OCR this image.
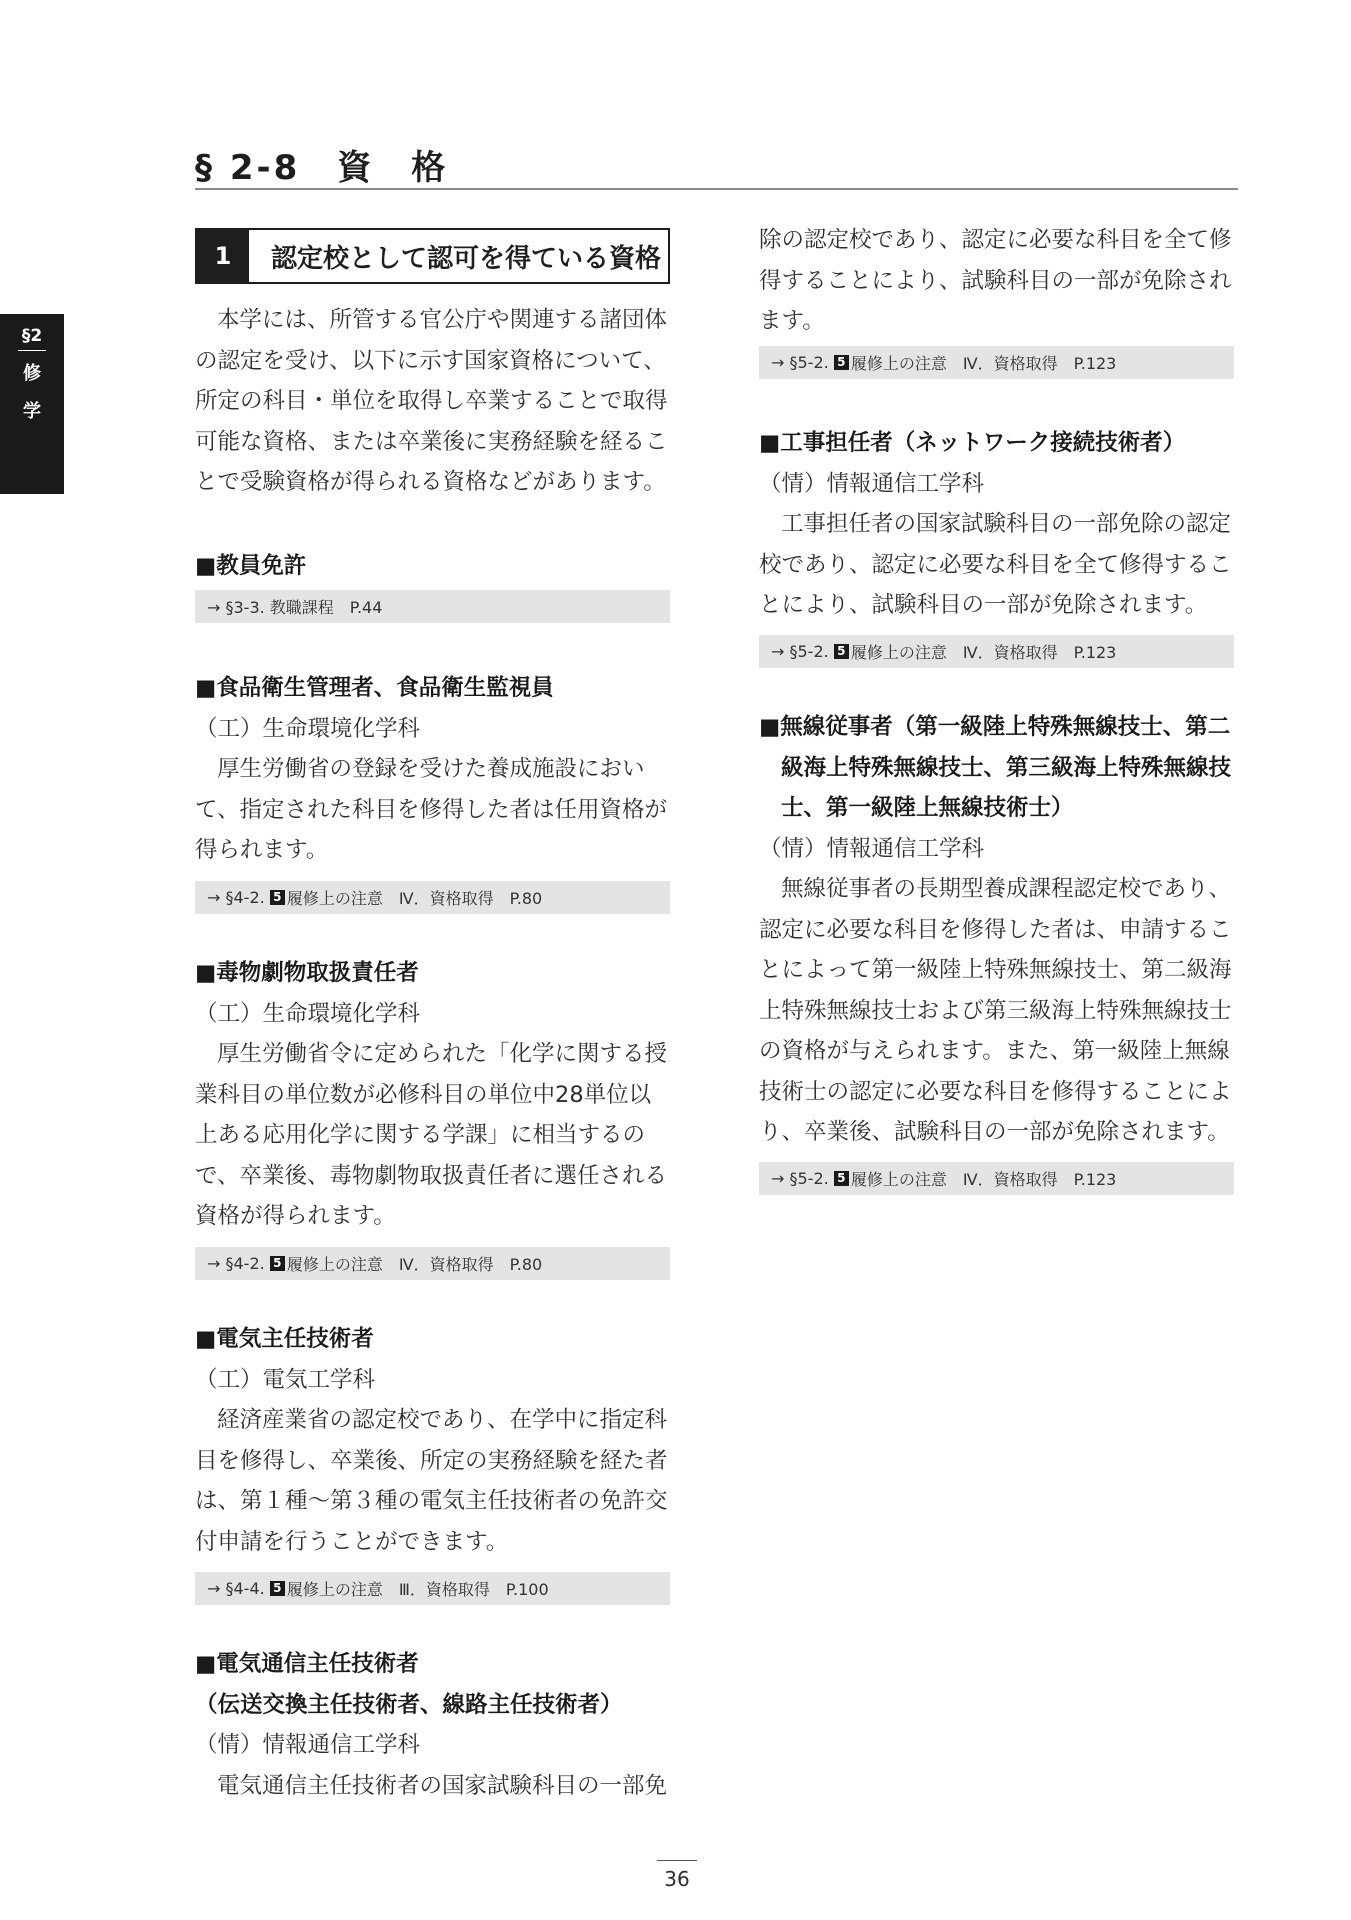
§ 2-8　資　格
§2
修
学
1	認定校として認可を得ている資格

本学には、所管する官公庁や関連する諸団体

の認定を受け、以下に示す国家資格について、

所定の科目・単位を取得し卒業することで取得

可能な資格、または卒業後に実務経験を経るこ

とで受験資格が得られる資格などがあります。

■教員免許
→ §3-3. 教職課程　P.44

■食品衛生管理者、食品衛生監視員

（工）生命環境化学科

厚生労働省の登録を受けた養成施設におい

て、指定された科目を修得した者は任用資格が

得られます。

→ §4-2.
5 履修上の注意　Ⅳ．資格取得　P.80

■毒物劇物取扱責任者

（工）生命環境化学科

厚生労働省令に定められた「化学に関する授

業科目の単位数が必修科目の単位中28単位以

上ある応用化学に関する学課」に相当するの

で、卒業後、毒物劇物取扱責任者に選任される

資格が得られます。

→ §4-2.
5 履修上の注意　Ⅳ．資格取得　P.80

■電気主任技術者

（工）電気工学科

経済産業省の認定校であり、在学中に指定科

目を修得し、卒業後、所定の実務経験を経た者

は、第１種〜第３種の電気主任技術者の免許交

付申請を行うことができます。

→ §4-4.
5 履修上の注意　Ⅲ．資格取得　P.100

■電気通信主任技術者

（伝送交換主任技術者、線路主任技術者）

（情）情報通信工学科

電気通信主任技術者の国家試験科目の一部免

除の認定校であり、認定に必要な科目を全て修

得することにより、試験科目の一部が免除され

ます。

→ §5-2.
5 履修上の注意　Ⅳ．資格取得　P.123

■工事担任者（ネットワーク接続技術者）

（情）情報通信工学科

工事担任者の国家試験科目の一部免除の認定

校であり、認定に必要な科目を全て修得するこ

とにより、試験科目の一部が免除されます。

→ §5-2.
5 履修上の注意　Ⅳ．資格取得　P.123

■無線従事者（第一級陸上特殊無線技士、第二

級海上特殊無線技士、第三級海上特殊無線技

士、第一級陸上無線技術士）

（情）情報通信工学科

無線従事者の長期型養成課程認定校であり、

認定に必要な科目を修得した者は、申請するこ

とによって第一級陸上特殊無線技士、第二級海

上特殊無線技士および第三級海上特殊無線技士

の資格が与えられます。また、第一級陸上無線

技術士の認定に必要な科目を修得することによ

り、卒業後、試験科目の一部が免除されます。

→ §5-2.
5 履修上の注意　Ⅳ．資格取得　P.123
36
